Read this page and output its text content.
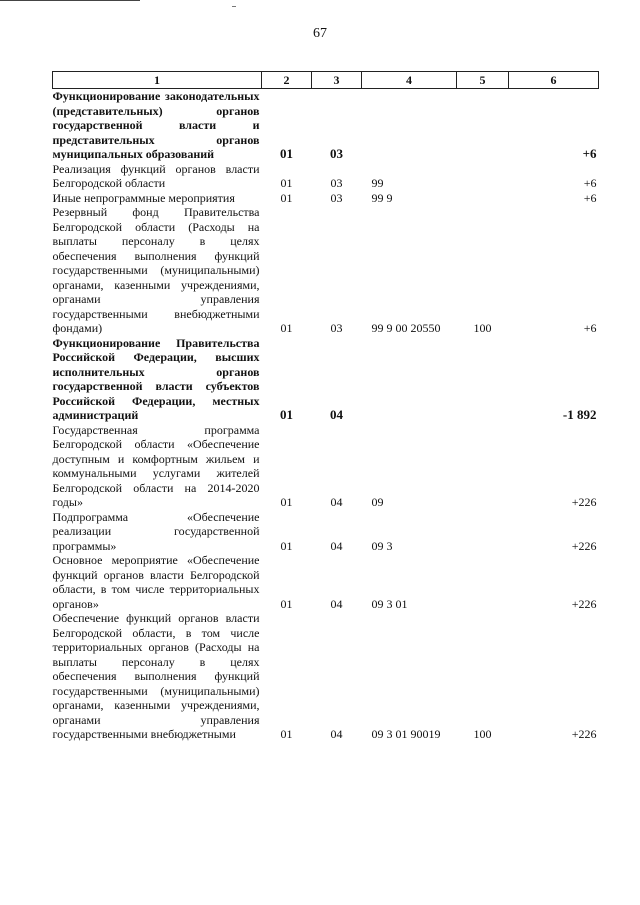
67
1	2	3	4	5	6
Функционирование законодательных (представительных) органов государственной власти и представительных органов муниципальных образований	01	03			+6
Реализация функций органов власти Белгородской области	01	03	99		+6
Иные непрограммные мероприятия	01	03	99 9		+6
Резервный фонд Правительства Белгородской области (Расходы на выплаты персоналу в целях обеспечения выполнения функций государственными (муниципальными) органами, казенными учреждениями, органами управления государственными внебюджетными фондами)	01	03	99 9 00 20550	100	+6
Функционирование Правительства Российской Федерации, высших исполнительных органов государственной власти субъектов Российской Федерации, местных администраций	01	04			-1 892
Государственная программа Белгородской области «Обеспечение доступным и комфортным жильем и коммунальными услугами жителей Белгородской области на 2014-2020 годы»	01	04	09		+226
Подпрограмма «Обеспечение реализации государственной программы»	01	04	09 3		+226
Основное мероприятие «Обеспечение функций органов власти Белгородской области, в том числе территориальных органов»	01	04	09 3 01		+226
Обеспечение функций органов власти Белгородской области, в том числе территориальных органов (Расходы на выплаты персоналу в целях обеспечения выполнения функций государственными (муниципальными) органами, казенными учреждениями, органами управления государственными внебюджетными	01	04	09 3 01 90019	100	+226
